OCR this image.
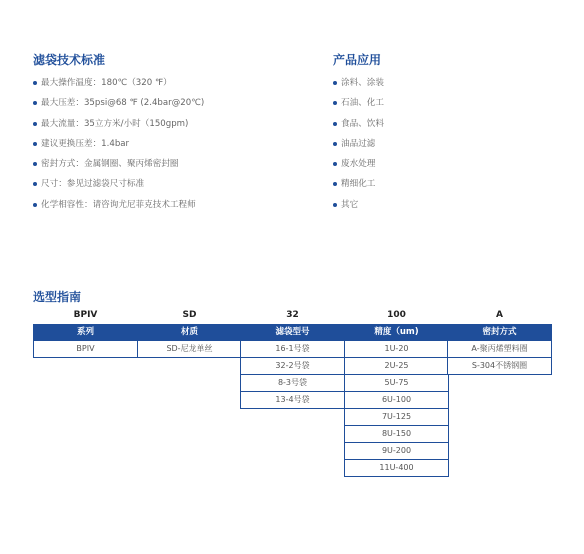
滤袋技术标准
最大操作温度：180℃（320 ℉）
最大压差：35psi@68 ℉ (2.4bar@20℃)
最大流量：35立方米/小时（150gpm)
建议更换压差：1.4bar
密封方式：金属钢圈、聚丙烯密封圈
尺寸：参见过滤袋尺寸标准
化学相容性：请咨询尤尼菲克技术工程师
产品应用
涂料、涂装
石油、化工
食品、饮料
油品过滤
废水处理
精细化工
其它
选型指南
BPIV
系列
BPIV
SD
材质
SD-尼龙单丝
32
滤袋型号
16-1号袋
32-2号袋
8-3号袋
13-4号袋
100
精度（um)
1U-20
2U-25
5U-75
6U-100
7U-125
8U-150
9U-200
11U-400
A
密封方式
A-聚丙烯塑料圈
S-304不锈钢圈
